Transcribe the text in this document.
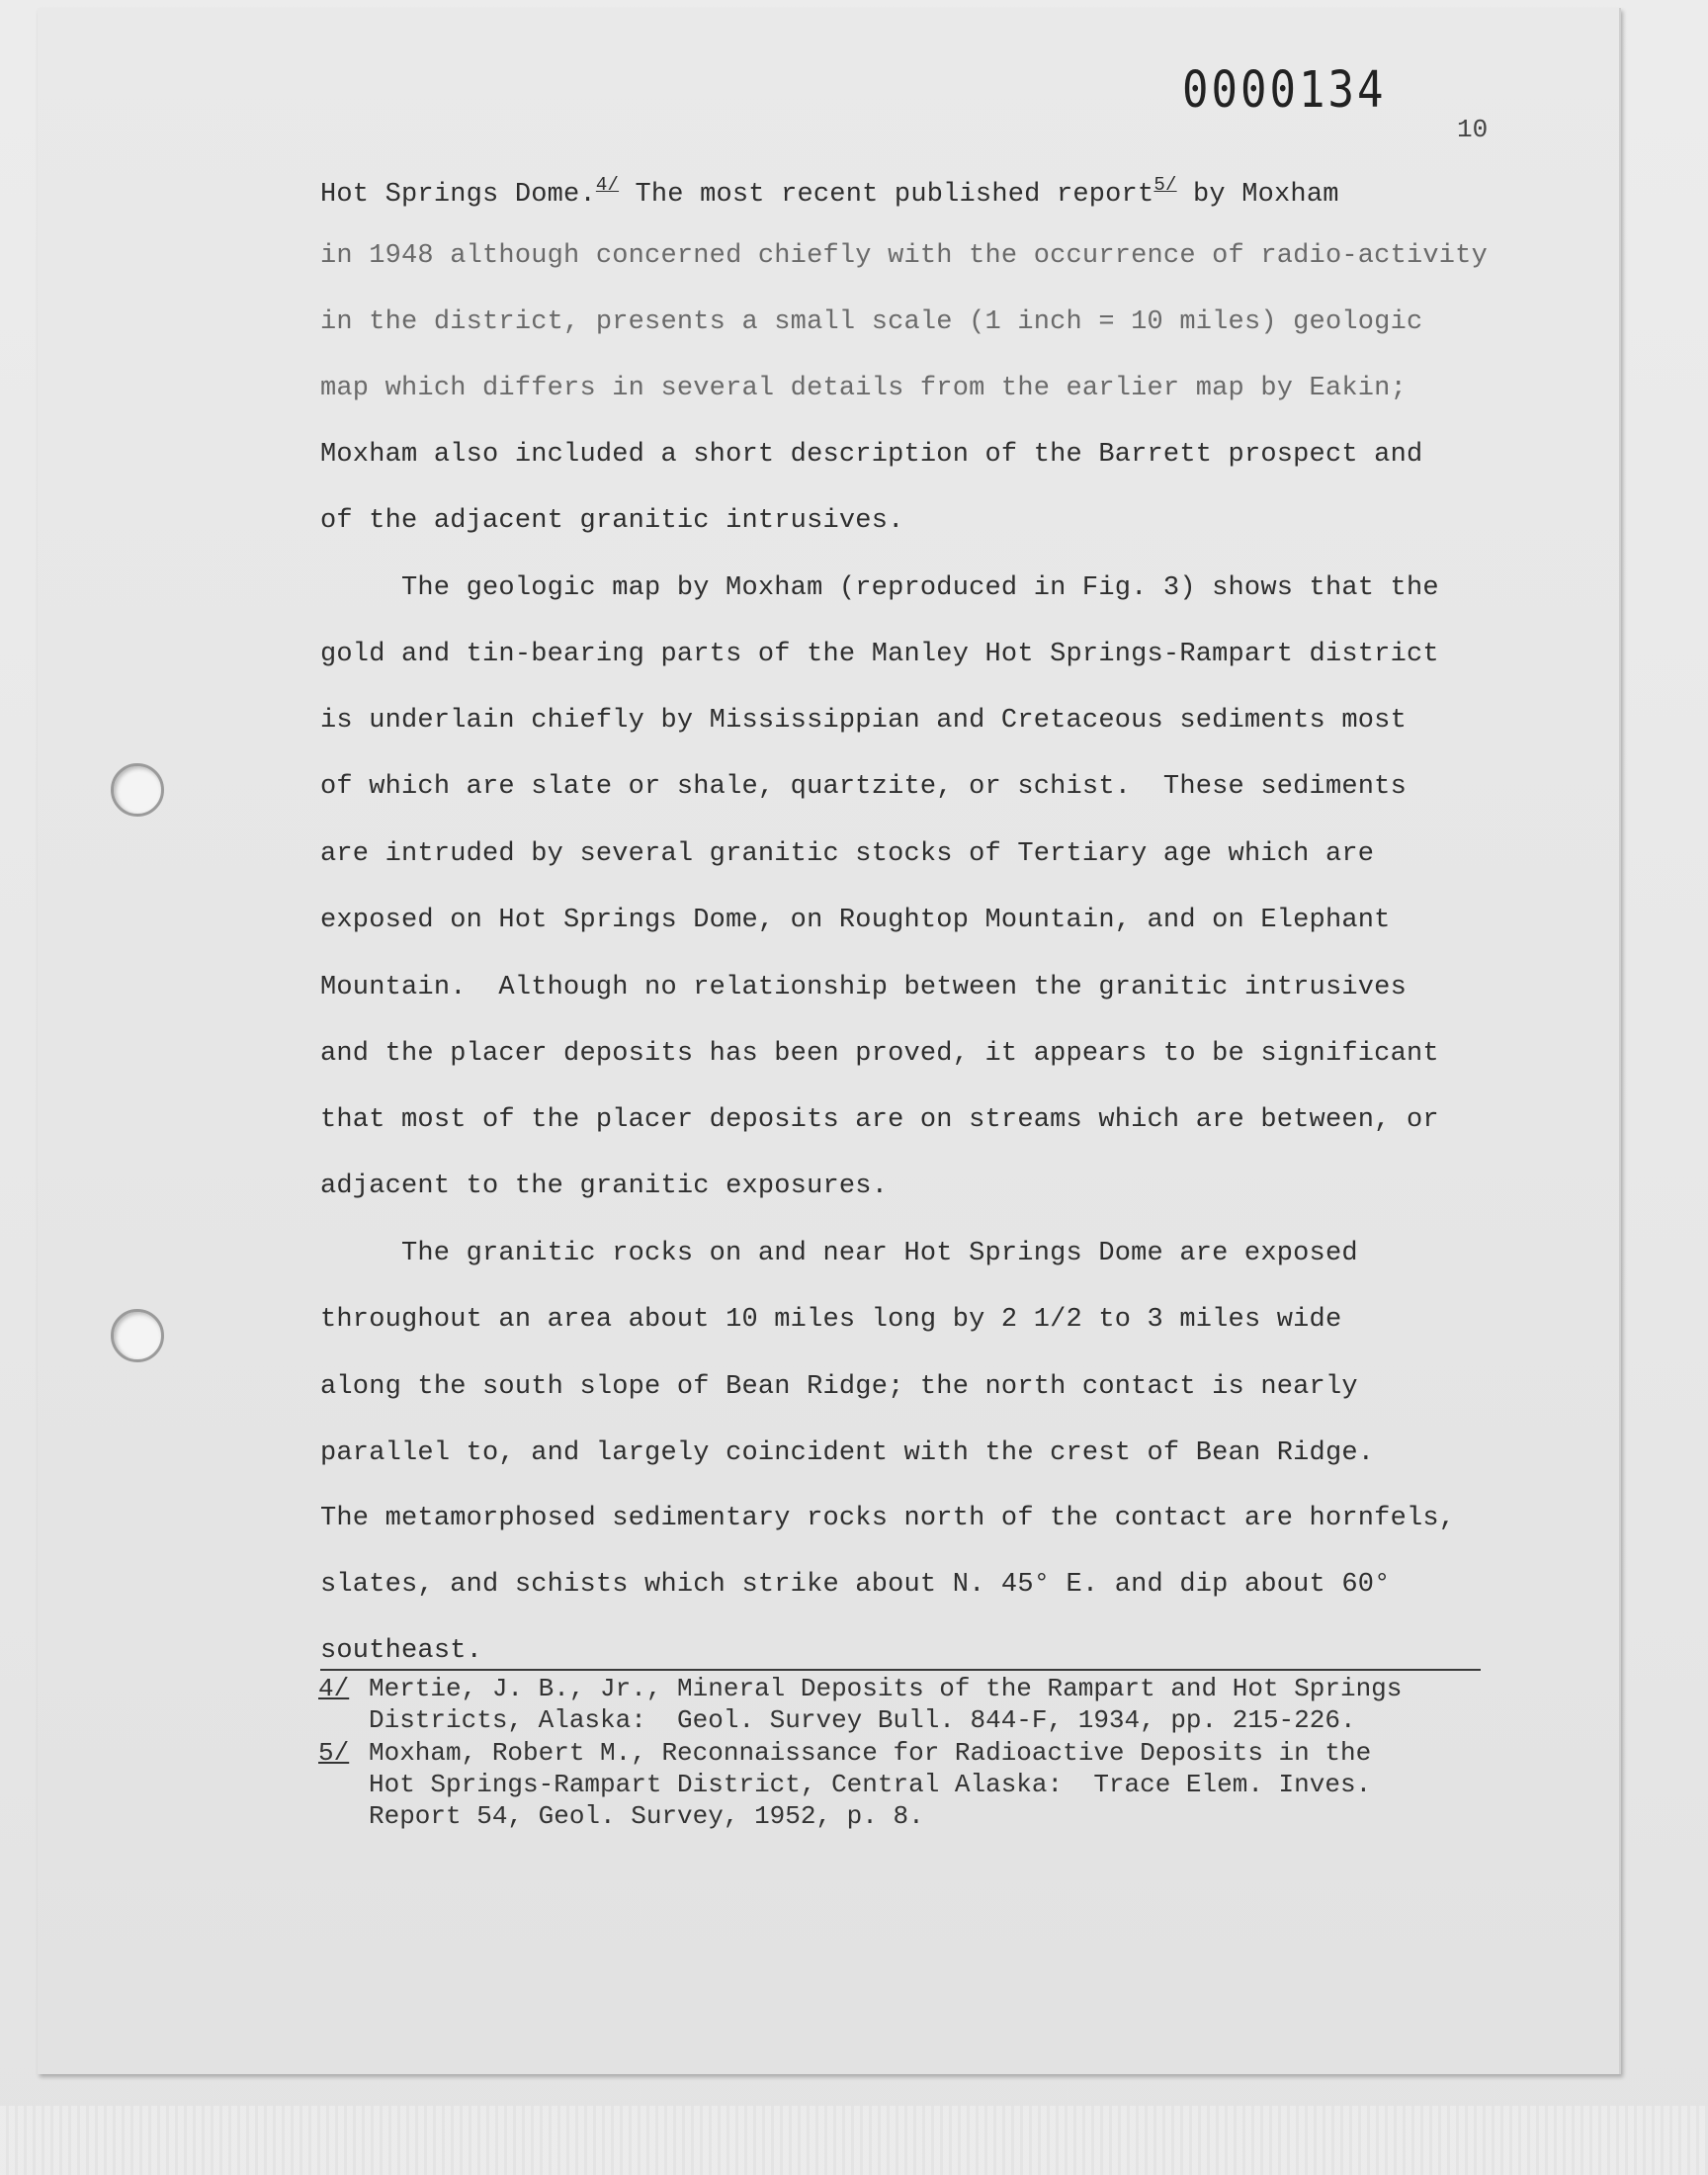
0000134
10
Hot Springs Dome.$^{4/}$ The most recent published report$^{5/}$ by Moxham
in 1948 although concerned chiefly with the occurrence of radio-activity
in the district, presents a small scale (1 inch = 10 miles) geologic
map which differs in several details from the earlier map by Eakin;
Moxham also included a short description of the Barrett prospect and
of the adjacent granitic intrusives.
The geologic map by Moxham (reproduced in Fig. 3) shows that the
gold and tin-bearing parts of the Manley Hot Springs-Rampart district
is underlain chiefly by Mississippian and Cretaceous sediments most
of which are slate or shale, quartzite, or schist.  These sediments
are intruded by several granitic stocks of Tertiary age which are
exposed on Hot Springs Dome, on Roughtop Mountain, and on Elephant
Mountain.  Although no relationship between the granitic intrusives
and the placer deposits has been proved, it appears to be significant
that most of the placer deposits are on streams which are between, or
adjacent to the granitic exposures.
The granitic rocks on and near Hot Springs Dome are exposed
throughout an area about 10 miles long by 2 1/2 to 3 miles wide
along the south slope of Bean Ridge; the north contact is nearly
parallel to, and largely coincident with the crest of Bean Ridge.
The metamorphosed sedimentary rocks north of the contact are hornfels,
slates, and schists which strike about N. 45° E. and dip about 60°
southeast.
4/ Mertie, J. B., Jr., Mineral Deposits of the Rampart and Hot Springs
Districts, Alaska:  Geol. Survey Bull. 844-F, 1934, pp. 215-226.
5/ Moxham, Robert M., Reconnaissance for Radioactive Deposits in the
Hot Springs-Rampart District, Central Alaska:  Trace Elem. Inves.
Report 54, Geol. Survey, 1952, p. 8.
